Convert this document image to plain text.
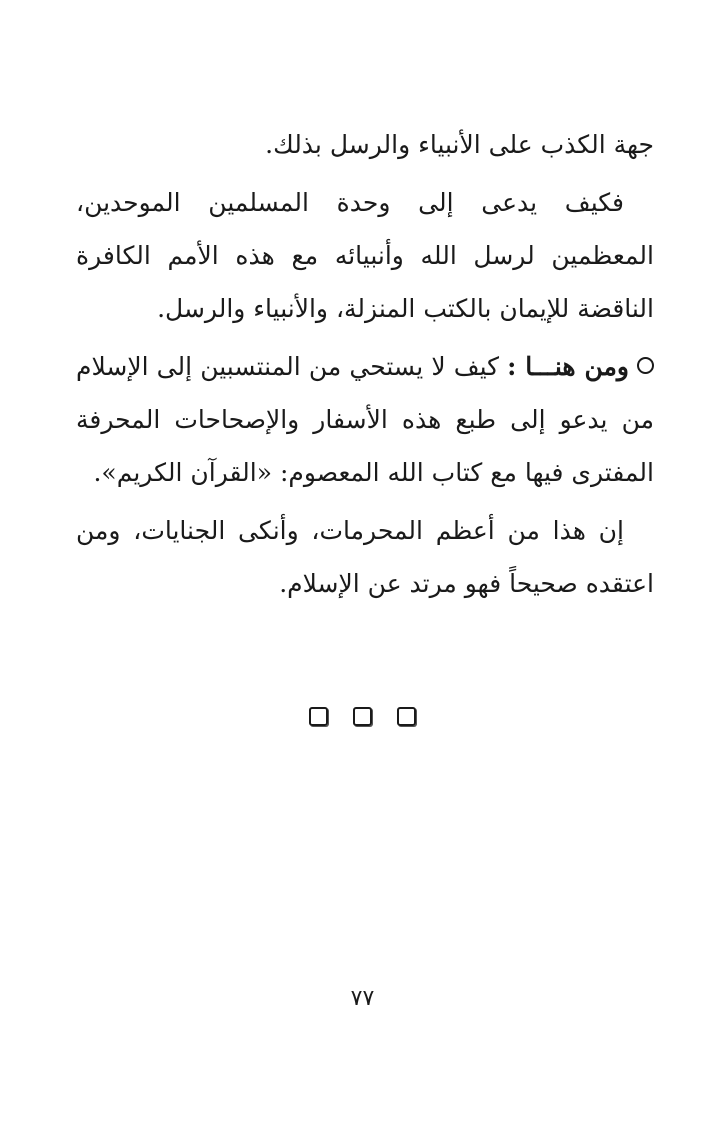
جهة الكذب على الأنبياء والرسل بذلك.

فكيف يدعى إلى وحدة المسلمين الموحدين، المعظمين لرسل الله وأنبيائه مع هذه الأمم الكافرة الناقضة للإيمان بالكتب المنزلة، والأنبياء والرسل.

ومن هنـــا : كيف لا يستحي من المنتسبين إلى الإسلام من يدعو إلى طبع هذه الأسفار والإصحاحات المحرفة المفترى فيها مع كتاب الله المعصوم: «القرآن الكريم».

إن هذا من أعظم المحرمات، وأنكى الجنايات، ومن اعتقده صحيحاً فهو مرتد عن الإسلام.

٧٧
